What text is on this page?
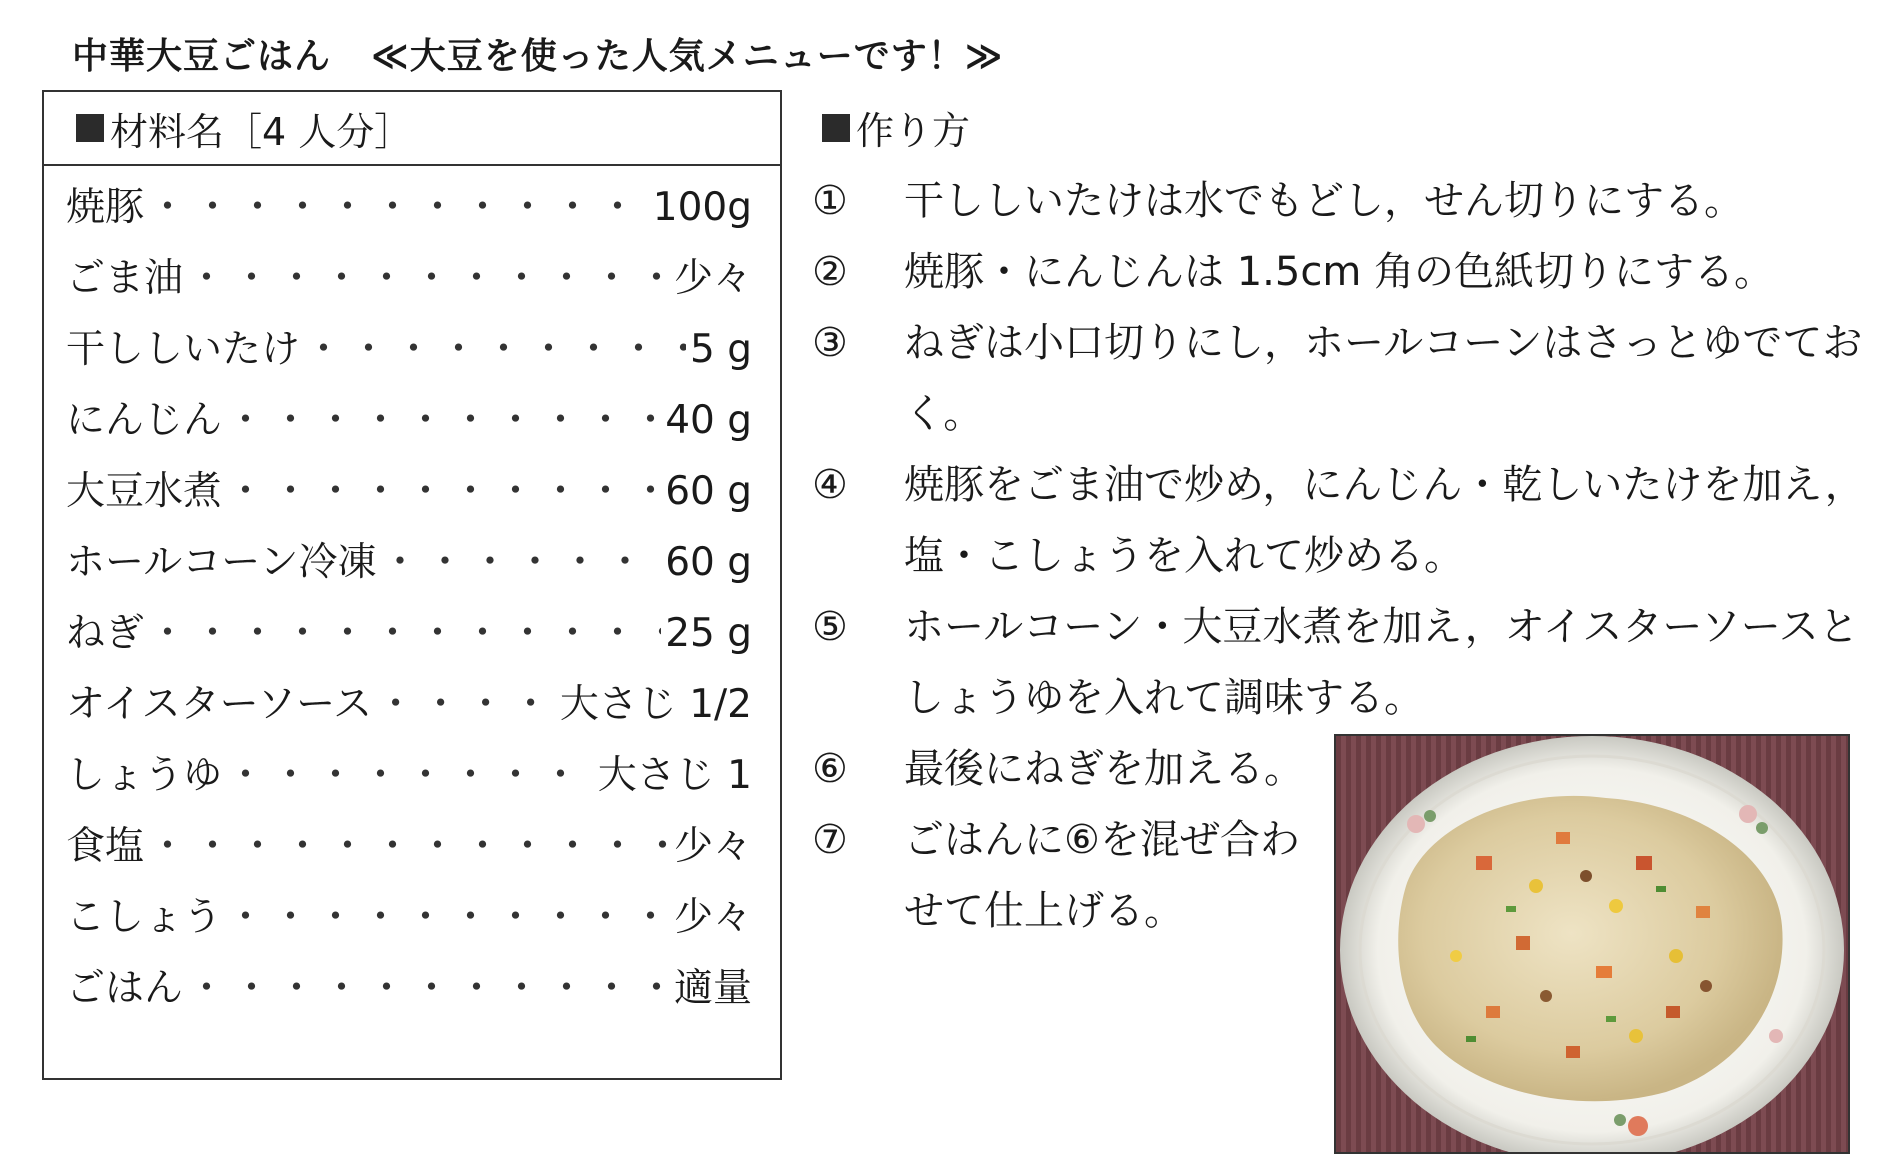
中華大豆ごはん ≪大豆を使った人気メニューです！≫
材料名［4 人分］
焼豚 ・・・・・・・・・・・・・・・・・・・・・・・・・・・・・・・・・・・・・・	100g
ごま油 ・・・・・・・・・・・・・・・・・・・・・・・・・・・・・・・・・・・・・・	少々
干ししいたけ ・・・・・・・・・・・・・・・・・・・・・・・・・・・・・・・・・・・・・・	5 g
にんじん ・・・・・・・・・・・・・・・・・・・・・・・・・・・・・・・・・・・・・・	40 g
大豆水煮 ・・・・・・・・・・・・・・・・・・・・・・・・・・・・・・・・・・・・・・	60 g
ホールコーン冷凍 ・・・・・・・・・・・・・・・・・・・・・・・・・・・・・・・・・・・・・・	60 g
ねぎ ・・・・・・・・・・・・・・・・・・・・・・・・・・・・・・・・・・・・・・	25 g
オイスターソース ・・・・・・・・・・・・・・・・・・・・・・・・・・・・・・・・・・・・・・	大さじ 1/2
しょうゆ ・・・・・・・・・・・・・・・・・・・・・・・・・・・・・・・・・・・・・・	大さじ 1
食塩 ・・・・・・・・・・・・・・・・・・・・・・・・・・・・・・・・・・・・・・	少々
こしょう ・・・・・・・・・・・・・・・・・・・・・・・・・・・・・・・・・・・・・・	少々
ごはん ・・・・・・・・・・・・・・・・・・・・・・・・・・・・・・・・・・・・・・	適量
作り方
①	干ししいたけは水でもどし，せん切りにする。
②	焼豚・にんじんは 1.5cm 角の色紙切りにする。
③	ねぎは小口切りにし，ホールコーンはさっとゆでておく。
④	焼豚をごま油で炒め，にんじん・乾しいたけを加え，塩・こしょうを入れて炒める。
⑤	ホールコーン・大豆水煮を加え，オイスターソースとしょうゆを入れて調味する。
⑥	最後にねぎを加える。
⑦	ごはんに⑥を混ぜ合わせて仕上げる。
